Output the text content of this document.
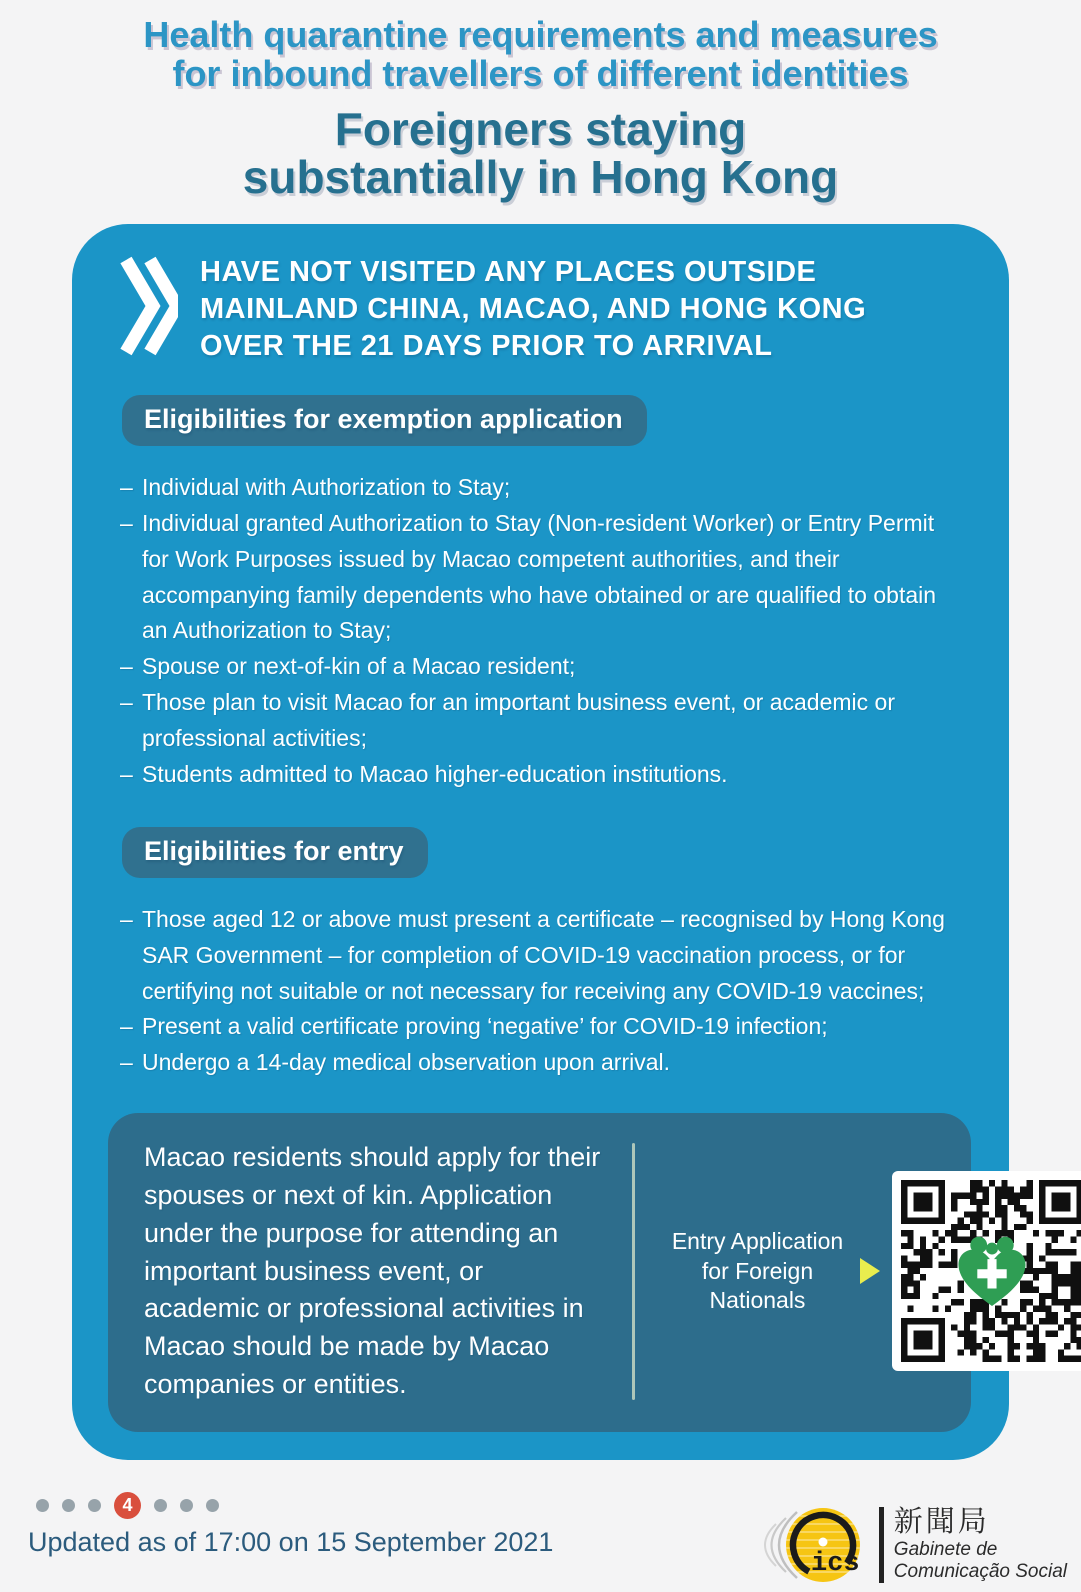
Health quarantine requirements and measures
for inbound travellers of different identities
Foreigners staying
substantially in Hong Kong
HAVE NOT VISITED ANY PLACES OUTSIDE
MAINLAND CHINA, MACAO, AND HONG KONG
OVER THE 21 DAYS PRIOR TO ARRIVAL
Eligibilities for exemption application
– Individual with Authorization to Stay;
– Individual granted Authorization to Stay (Non-resident Worker) or Entry Permit for Work Purposes issued by Macao competent authorities, and their accompanying family dependents who have obtained or are qualified to obtain an Authorization to Stay;
– Spouse or next-of-kin of a Macao resident;
– Those plan to visit Macao for an important business event, or academic or professional activities;
– Students admitted to Macao higher-education institutions.
Eligibilities for entry
– Those aged 12 or above must present a certificate – recognised by Hong Kong SAR Government – for completion of COVID-19 vaccination process, or for certifying not suitable or not necessary for receiving any COVID-19 vaccines;
– Present a valid certificate proving ‘negative’ for COVID-19 infection;
– Undergo a 14-day medical observation upon arrival.

Macao residents should apply for their spouses or next of kin. Application under the purpose for attending an important business event, or academic or professional activities in Macao should be made by Macao companies or entities.

Entry Application for Foreign Nationals
4
Updated as of 17:00 on 15 September 2021
ics
新聞局
Gabinete de
Comunicação Social
